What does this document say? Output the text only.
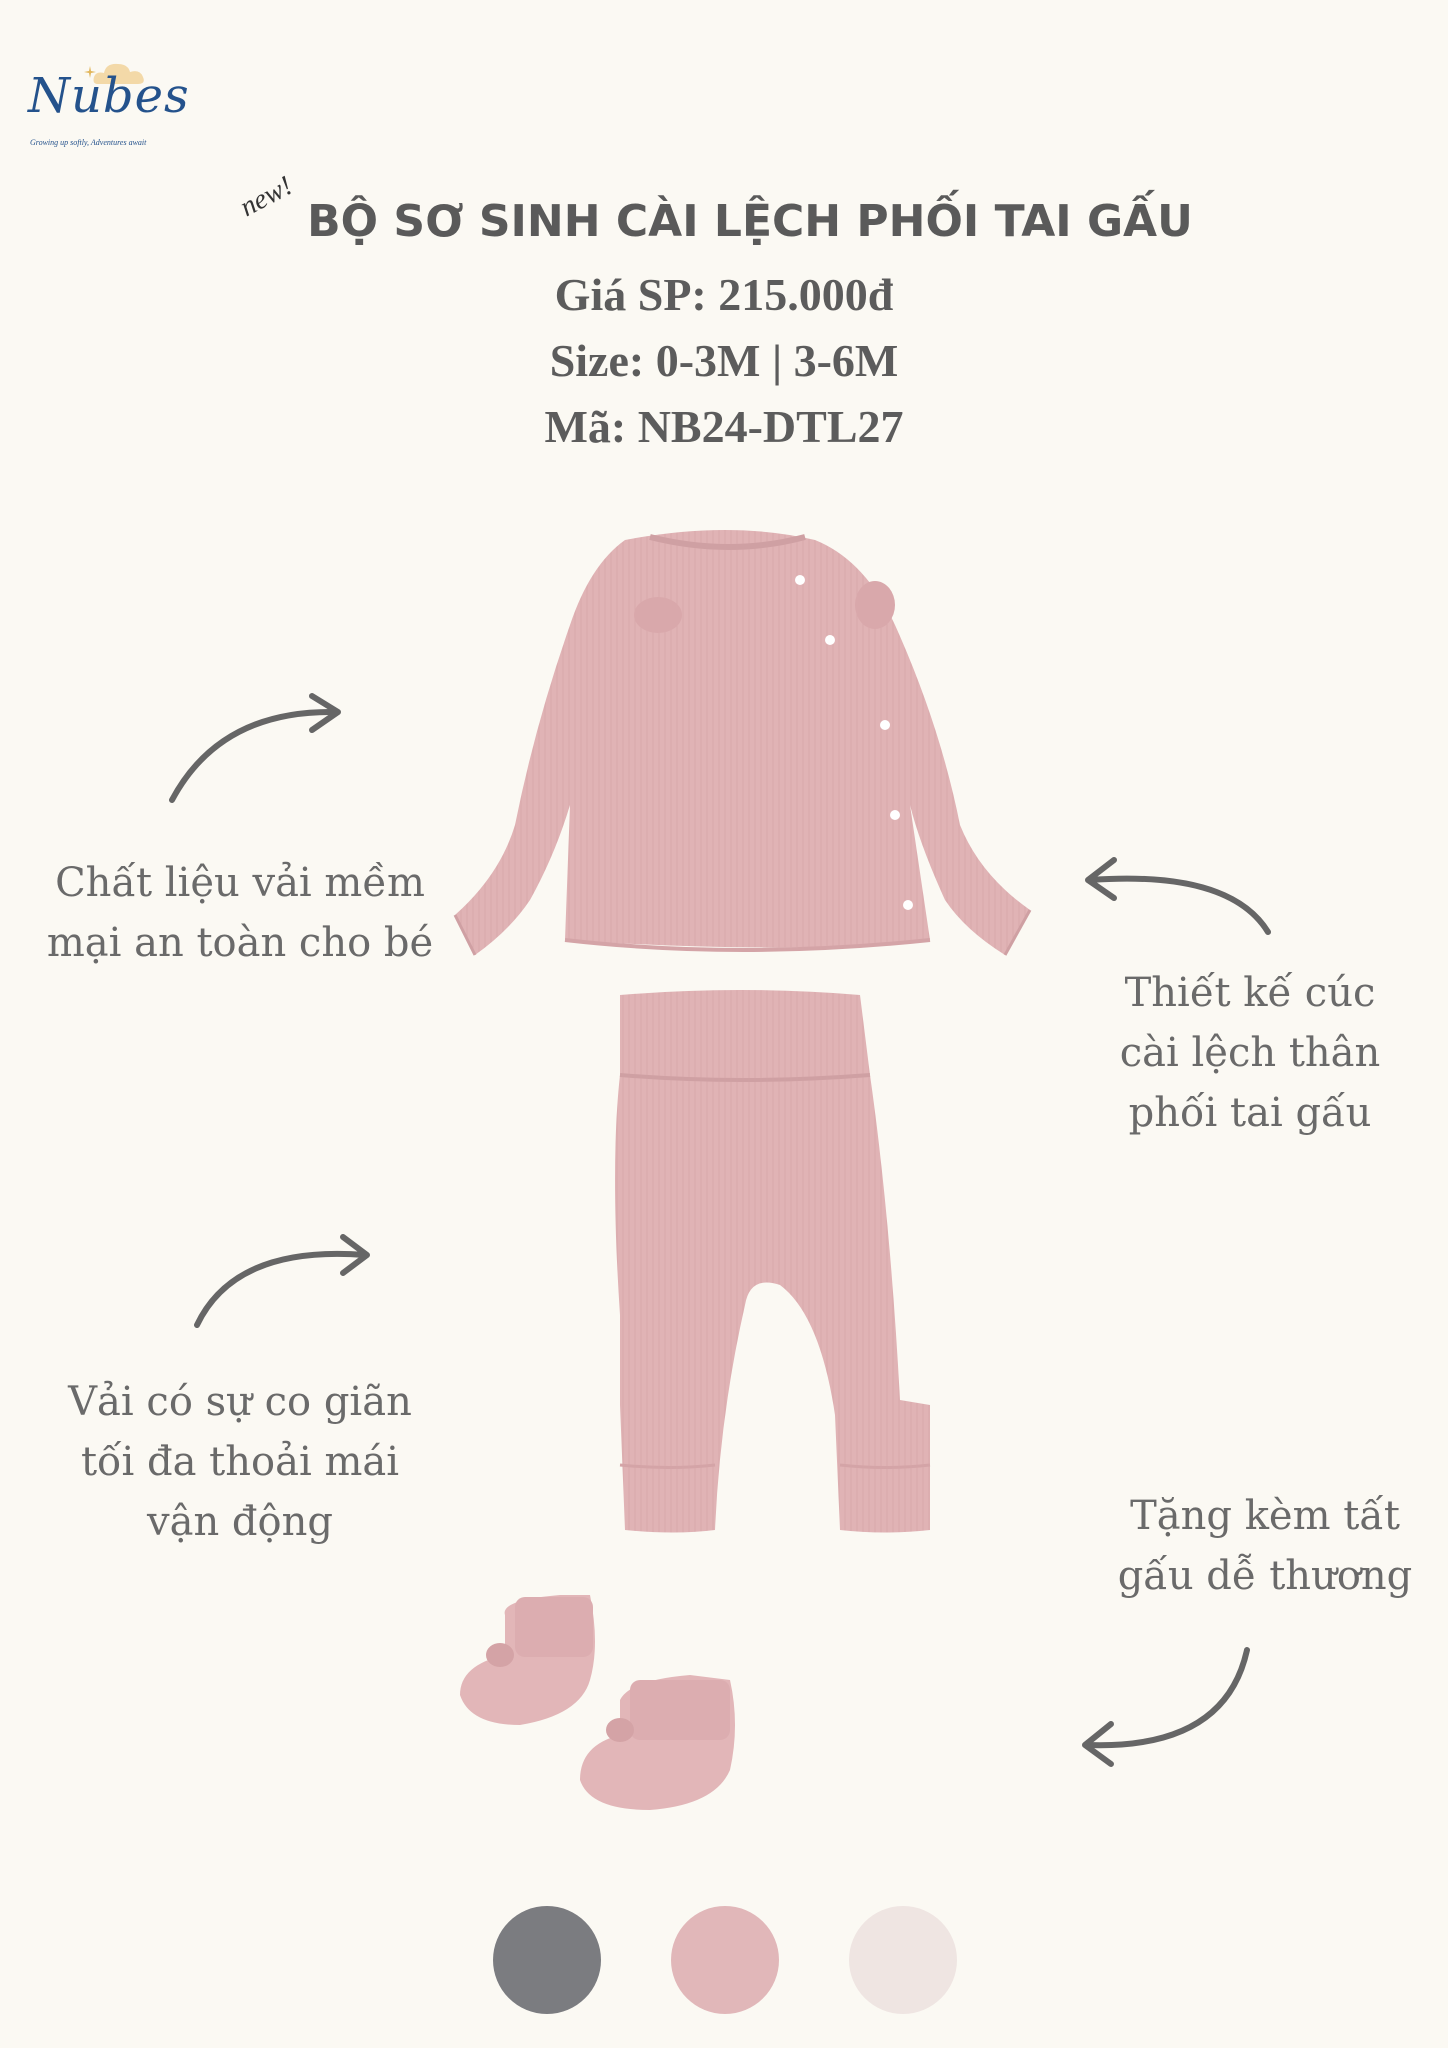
Nubes
Growing up softly, Adventures await
new! BỘ SƠ SINH CÀI LỆCH PHỐI TAI GẤU
Giá SP: 215.000đ
Size: 0-3M | 3-6M
Mã: NB24-DTL27
Chất liệu vải mềm
mại an toàn cho bé
Thiết kế cúc
cài lệch thân
phối tai gấu
Vải có sự co giãn
tối đa thoải mái
vận động	Tặng kèm tất
gấu dễ thương
